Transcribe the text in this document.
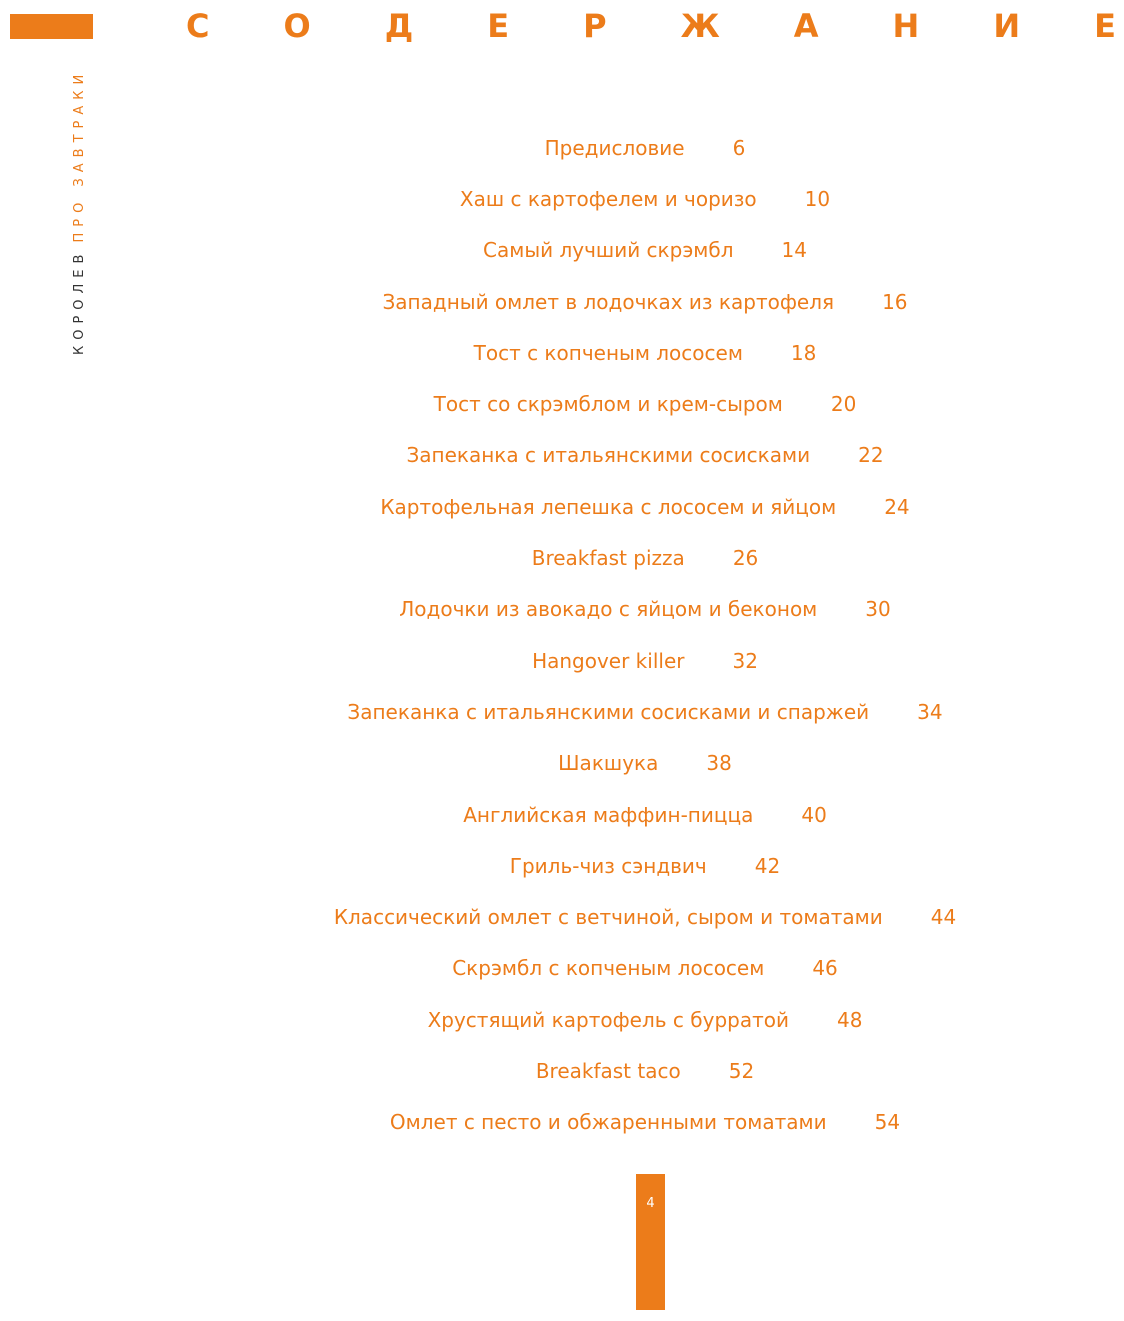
С О Д Е Р Ж А Н И Е
КОРОЛЕВПРО ЗАВТРАКИ	Предисловие 6
Хаш с картофелем и чоризо 10
Самый лучший скрэмбл 14
Западный омлет в лодочках из картофеля 16
Тост с копченым лососем 18
Тост со скрэмблом и крем-сыром 20
Запеканка с итальянскими сосисками 22
Картофельная лепешка с лососем и яйцом 24
Breakfast pizza 26
Лодочки из авокадо с яйцом и беконом 30
Hangover killer 32
Запеканка с итальянскими сосисками и спаржей 34
Шакшука 38
Английская маффин-пицца 40
Гриль-чиз сэндвич 42
Классический омлет с ветчиной, сыром и томатами 44
Скрэмбл с копченым лососем 46
Хрустящий картофель с бурратой 48
Breakfast taco 52
Омлет с песто и обжаренными томатами 54
4
